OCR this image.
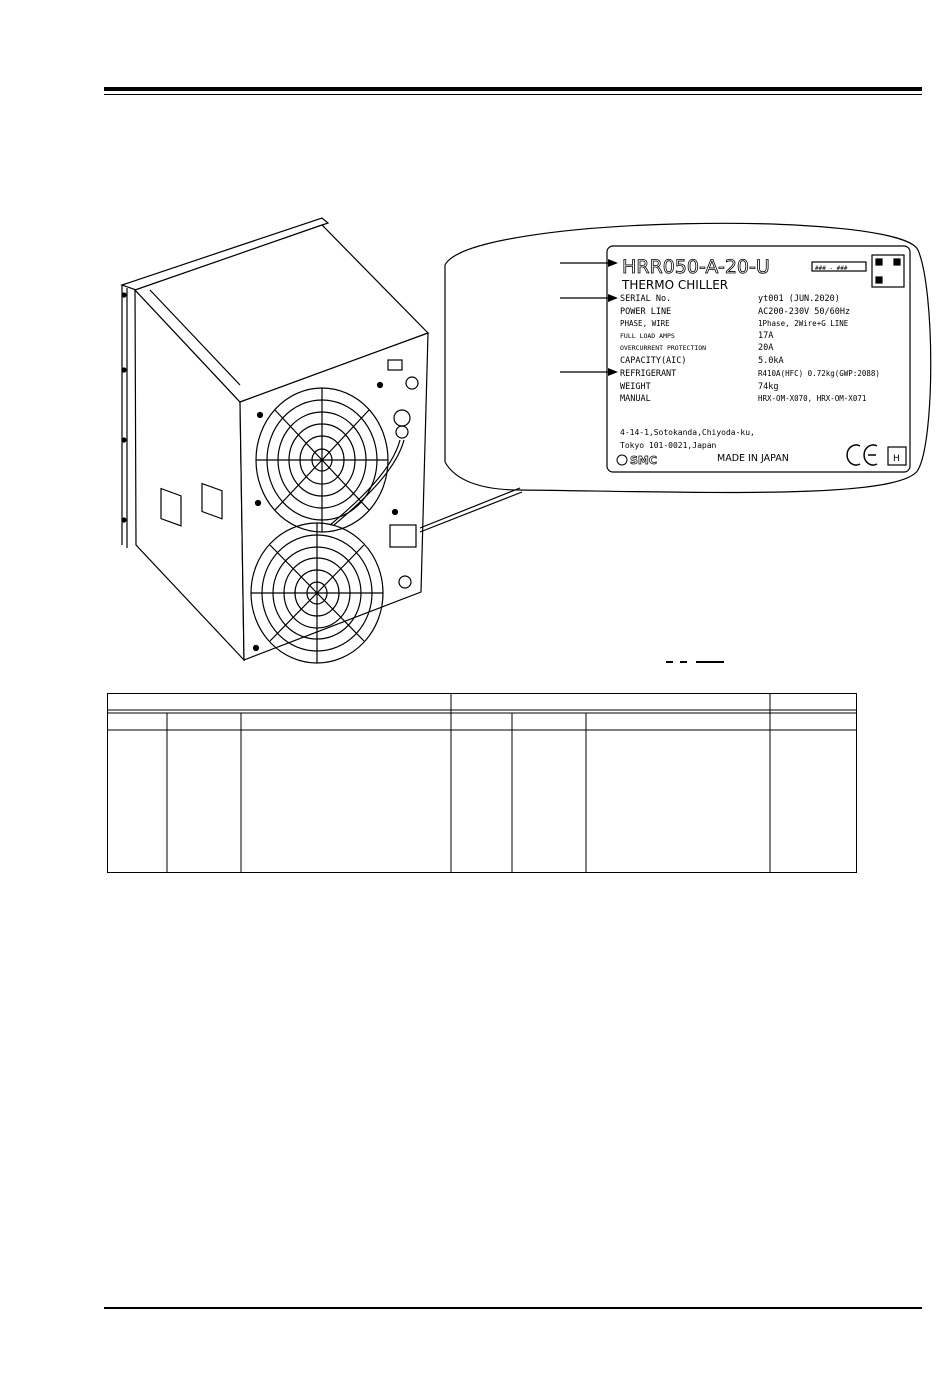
HRR050-A-20-U
THERMO CHILLER
SERIAL No.	yt001 (JUN.2020)
POWER LINE	AC200-230V 50/60Hz
PHASE, WIRE	1Phase, 2Wire+G LINE
FULL LOAD AMPS	17A
OVERCURRENT PROTECTION	20A
CAPACITY(AIC)	5.0kA
REFRIGERANT	R410A(HFC) 0.72kg(GWP:2088)
WEIGHT	74kg
MANUAL	HRX-OM-X070, HRX-OM-X071
4-14-1,Sotokanda,Chiyoda-ku,
Tokyo 101-0021,Japan
SMC	MADE IN JAPAN	H
### - ###
